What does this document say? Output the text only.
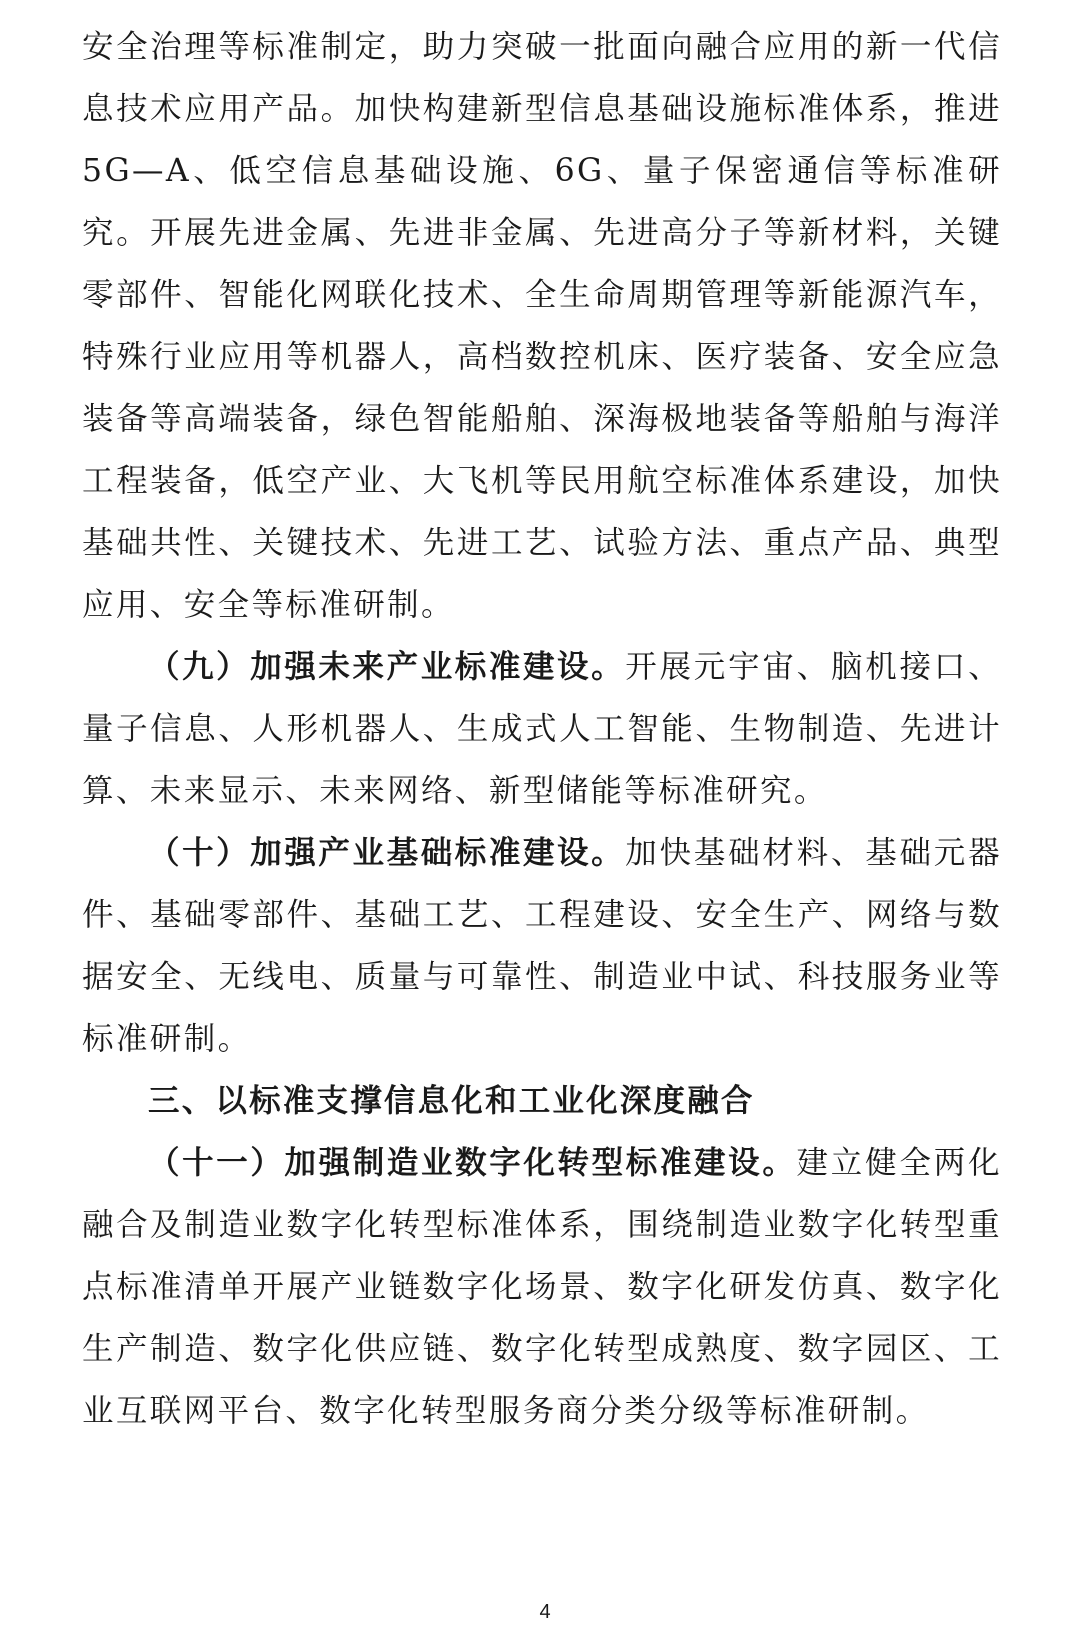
安全治理等标准制定，助力突破一批面向融合应用的新一代信息技术应用产品。加快构建新型信息基础设施标准体系，推进 5G—A、低空信息基础设施、6G、量子保密通信等标准研究。开展先进金属、先进非金属、先进高分子等新材料，关键零部件、智能化网联化技术、全生命周期管理等新能源汽车，特殊行业应用等机器人，高档数控机床、医疗装备、安全应急装备等高端装备，绿色智能船舶、深海极地装备等船舶与海洋工程装备，低空产业、大飞机等民用航空标准体系建设，加快基础共性、关键技术、先进工艺、试验方法、重点产品、典型应用、安全等标准研制。

（九）加强未来产业标准建设。开展元宇宙、脑机接口、量子信息、人形机器人、生成式人工智能、生物制造、先进计算、未来显示、未来网络、新型储能等标准研究。

（十）加强产业基础标准建设。加快基础材料、基础元器件、基础零部件、基础工艺、工程建设、安全生产、网络与数据安全、无线电、质量与可靠性、制造业中试、科技服务业等标准研制。

三、以标准支撑信息化和工业化深度融合

（十一）加强制造业数字化转型标准建设。建立健全两化融合及制造业数字化转型标准体系，围绕制造业数字化转型重点标准清单开展产业链数字化场景、数字化研发仿真、数字化生产制造、数字化供应链、数字化转型成熟度、数字园区、工业互联网平台、数字化转型服务商分类分级等标准研制。

4
